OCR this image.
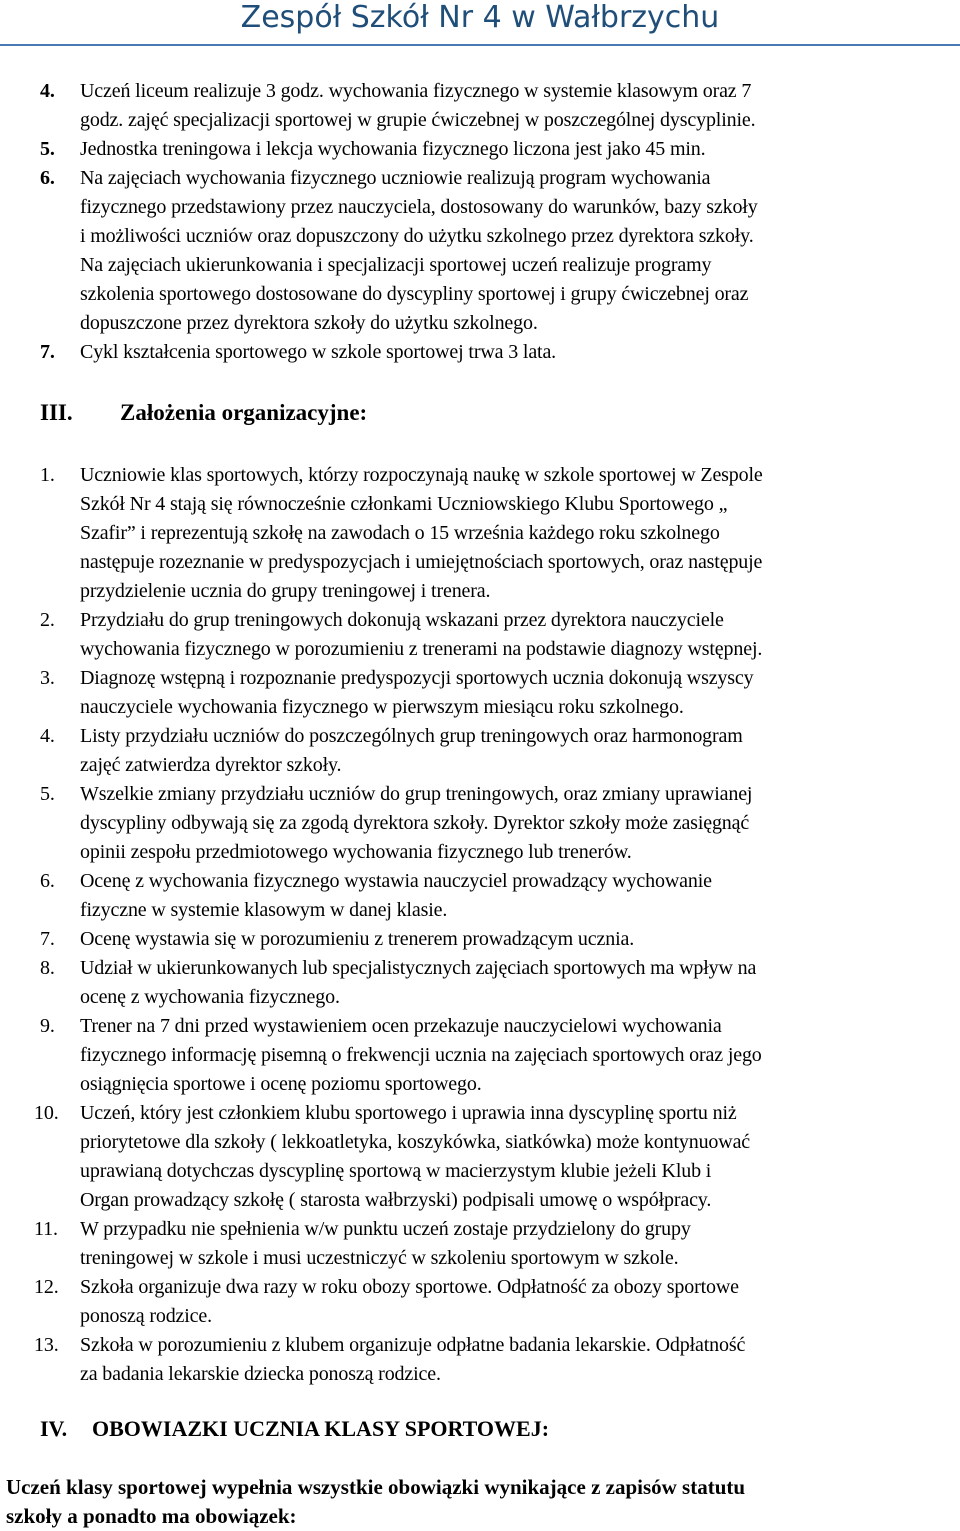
Zespół Szkół Nr 4 w Wałbrzychu
4. Uczeń liceum realizuje 3 godz. wychowania fizycznego w systemie klasowym oraz 7
godz. zajęć specjalizacji sportowej w grupie ćwiczebnej w poszczególnej dyscyplinie.
5. Jednostka treningowa i lekcja wychowania fizycznego liczona jest jako 45 min.
6. Na zajęciach wychowania fizycznego uczniowie realizują program wychowania
fizycznego przedstawiony przez nauczyciela, dostosowany do warunków, bazy szkoły
i możliwości uczniów oraz dopuszczony do użytku szkolnego przez dyrektora szkoły.
Na zajęciach ukierunkowania i specjalizacji sportowej uczeń realizuje programy
szkolenia sportowego dostosowane do dyscypliny sportowej i grupy ćwiczebnej oraz
dopuszczone przez dyrektora szkoły do użytku szkolnego.
7. Cykl kształcenia sportowego w szkole sportowej trwa 3 lata.
III. Założenia organizacyjne:
1. Uczniowie klas sportowych, którzy rozpoczynają naukę w szkole sportowej w Zespole
Szkół Nr 4 stają się równocześnie członkami Uczniowskiego Klubu Sportowego „
Szafir” i reprezentują szkołę na zawodach o 15 września każdego roku szkolnego
następuje rozeznanie w predyspozycjach i umiejętnościach sportowych, oraz następuje
przydzielenie ucznia do grupy treningowej i trenera.
2. Przydziału do grup treningowych dokonują wskazani przez dyrektora nauczyciele
wychowania fizycznego w porozumieniu z trenerami na podstawie diagnozy wstępnej.
3. Diagnozę wstępną i rozpoznanie predyspozycji sportowych ucznia dokonują wszyscy
nauczyciele wychowania fizycznego w pierwszym miesiącu roku szkolnego.
4. Listy przydziału uczniów do poszczególnych grup treningowych oraz harmonogram
zajęć zatwierdza dyrektor szkoły.
5. Wszelkie zmiany przydziału uczniów do grup treningowych, oraz zmiany uprawianej
dyscypliny odbywają się za zgodą dyrektora szkoły. Dyrektor szkoły może zasięgnąć
opinii zespołu przedmiotowego wychowania fizycznego lub trenerów.
6. Ocenę z wychowania fizycznego wystawia nauczyciel prowadzący wychowanie
fizyczne w systemie klasowym w danej klasie.
7. Ocenę wystawia się w porozumieniu z trenerem prowadzącym ucznia.
8. Udział w ukierunkowanych lub specjalistycznych zajęciach sportowych ma wpływ na
ocenę z wychowania fizycznego.
9. Trener na 7 dni przed wystawieniem ocen przekazuje nauczycielowi wychowania
fizycznego informację pisemną o frekwencji ucznia na zajęciach sportowych oraz jego
osiągnięcia sportowe i ocenę poziomu sportowego.
10. Uczeń, który jest członkiem klubu sportowego i uprawia inna dyscyplinę sportu niż
priorytetowe dla szkoły ( lekkoatletyka, koszykówka, siatkówka) może kontynuować
uprawianą dotychczas dyscyplinę sportową w macierzystym klubie jeżeli Klub i
Organ prowadzący szkołę ( starosta wałbrzyski) podpisali umowę o współpracy.
11. W przypadku nie spełnienia w/w punktu uczeń zostaje przydzielony do grupy
treningowej w szkole i musi uczestniczyć w szkoleniu sportowym w szkole.
12. Szkoła organizuje dwa razy w roku obozy sportowe. Odpłatność za obozy sportowe
ponoszą rodzice.
13. Szkoła w porozumieniu z klubem organizuje odpłatne badania lekarskie. Odpłatność
za badania lekarskie dziecka ponoszą rodzice.
IV. OBOWIAZKI UCZNIA KLASY SPORTOWEJ:
Uczeń klasy sportowej wypełnia wszystkie obowiązki wynikające z zapisów statutu
szkoły a ponadto ma obowiązek:
